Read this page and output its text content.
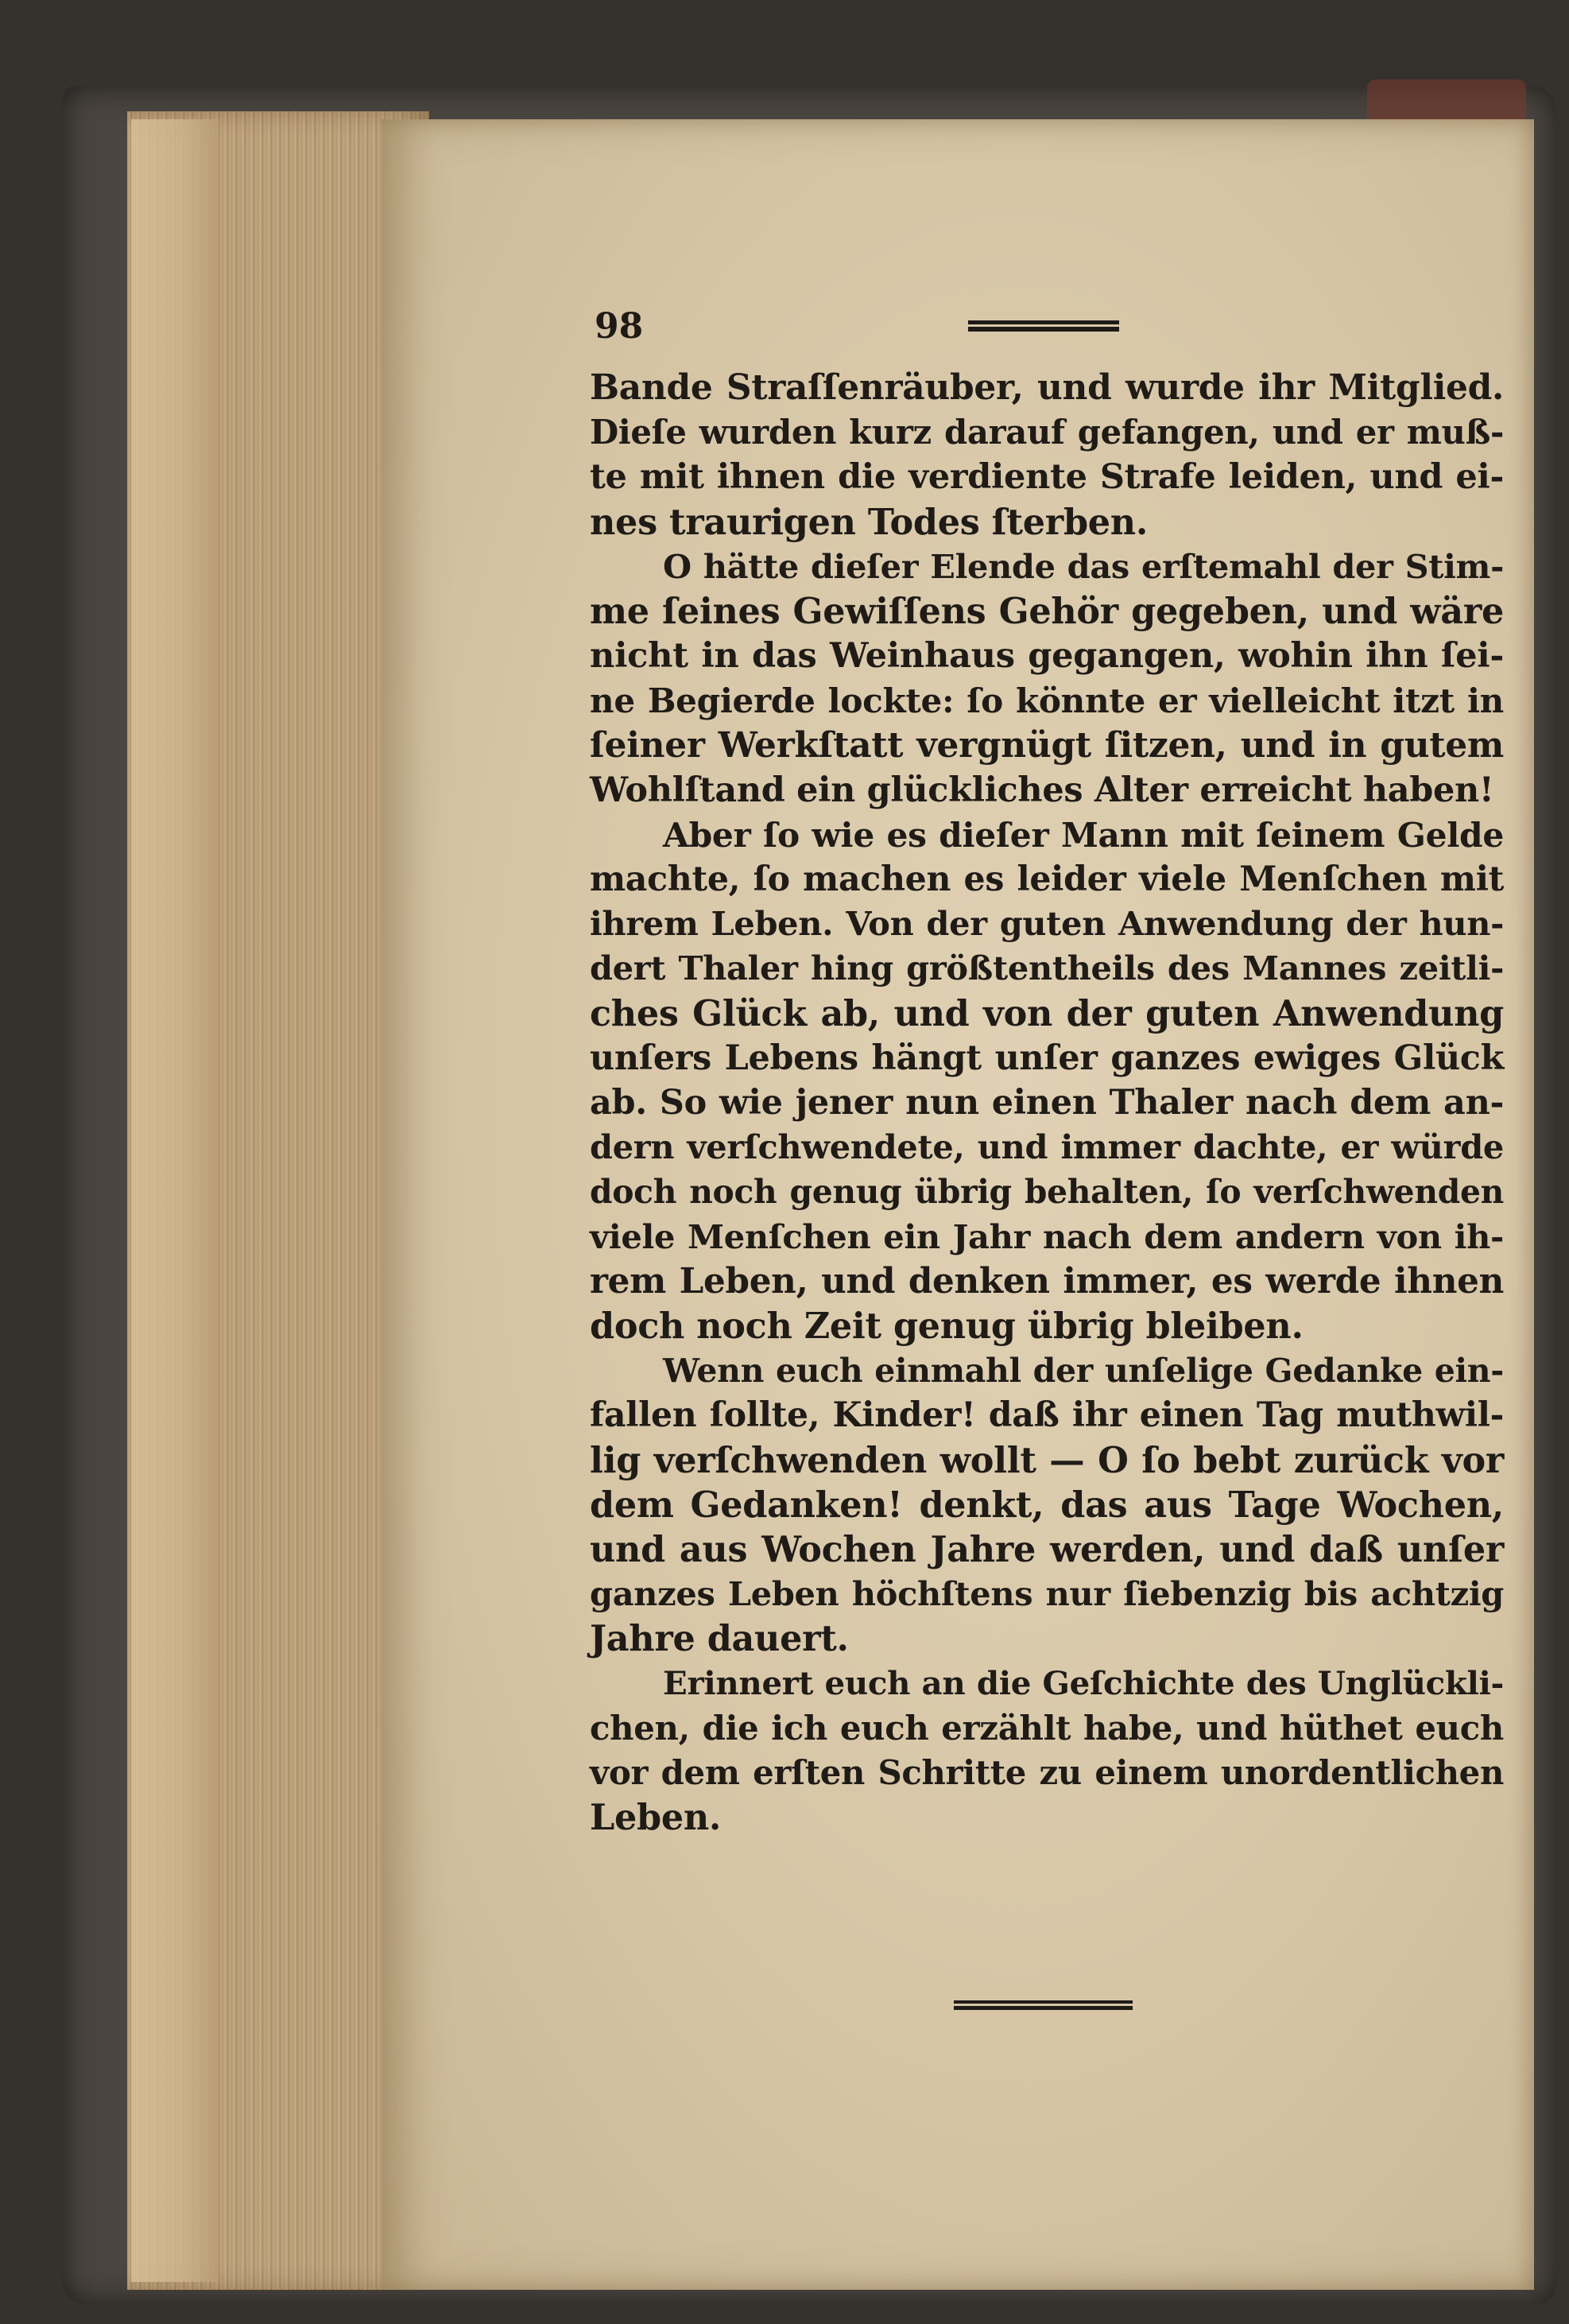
98
Bande Straſſenräuber, und wurde ihr Mitglied.
Dieſe wurden kurz darauf gefangen, und er muß-
te mit ihnen die verdiente Strafe leiden, und ei-
nes traurigen Todes ſterben.
O hätte dieſer Elende das erſtemahl der Stim-
me ſeines Gewiſſens Gehör gegeben, und wäre
nicht in das Weinhaus gegangen, wohin ihn ſei-
ne Begierde lockte: ſo könnte er vielleicht itzt in
ſeiner Werkſtatt vergnügt ſitzen, und in gutem
Wohlſtand ein glückliches Alter erreicht haben!
Aber ſo wie es dieſer Mann mit ſeinem Gelde
machte, ſo machen es leider viele Menſchen mit
ihrem Leben. Von der guten Anwendung der hun-
dert Thaler hing größtentheils des Mannes zeitli-
ches Glück ab, und von der guten Anwendung
unſers Lebens hängt unſer ganzes ewiges Glück
ab. So wie jener nun einen Thaler nach dem an-
dern verſchwendete, und immer dachte, er würde
doch noch genug übrig behalten, ſo verſchwenden
viele Menſchen ein Jahr nach dem andern von ih-
rem Leben, und denken immer, es werde ihnen
doch noch Zeit genug übrig bleiben.
Wenn euch einmahl der unſelige Gedanke ein-
fallen ſollte, Kinder! daß ihr einen Tag muthwil-
lig verſchwenden wollt — O ſo bebt zurück vor
dem Gedanken! denkt, das aus Tage Wochen,
und aus Wochen Jahre werden, und daß unſer
ganzes Leben höchſtens nur ſiebenzig bis achtzig
Jahre dauert.
Erinnert euch an die Geſchichte des Unglückli-
chen, die ich euch erzählt habe, und hüthet euch
vor dem erſten Schritte zu einem unordentlichen
Leben.
